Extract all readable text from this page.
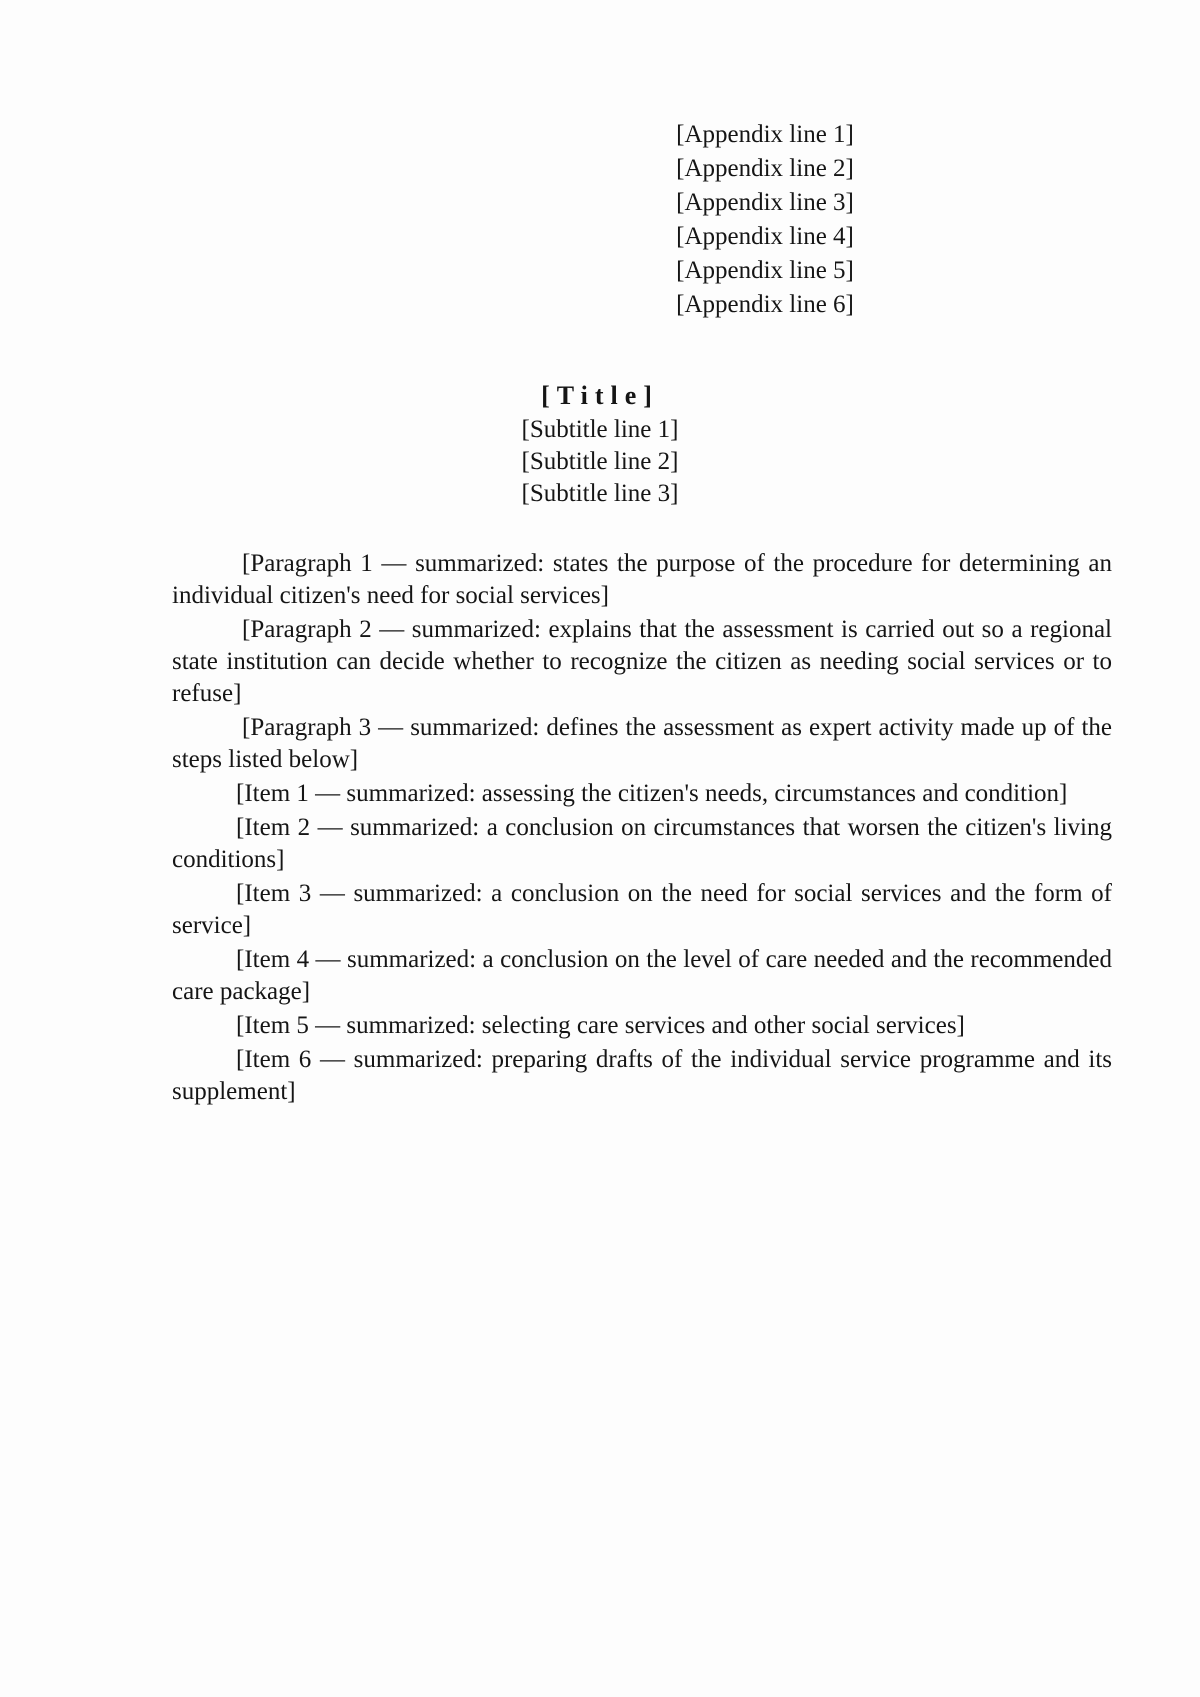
[Appendix line 1]
[Appendix line 2]
[Appendix line 3]
[Appendix line 4]
[Appendix line 5]
[Appendix line 6]
[Title]
[Subtitle line 1]
[Subtitle line 2]
[Subtitle line 3]

[Paragraph 1 — summarized: states the purpose of the procedure for determining an individual citizen's need for social services]

[Paragraph 2 — summarized: explains that the assessment is carried out so a regional state institution can decide whether to recognize the citizen as needing social services or to refuse]

[Paragraph 3 — summarized: defines the assessment as expert activity made up of the steps listed below]

[Item 1 — summarized: assessing the citizen's needs, circumstances and condition]

[Item 2 — summarized: a conclusion on circumstances that worsen the citizen's living conditions]

[Item 3 — summarized: a conclusion on the need for social services and the form of service]

[Item 4 — summarized: a conclusion on the level of care needed and the recommended care package]

[Item 5 — summarized: selecting care services and other social services]

[Item 6 — summarized: preparing drafts of the individual service programme and its supplement]
